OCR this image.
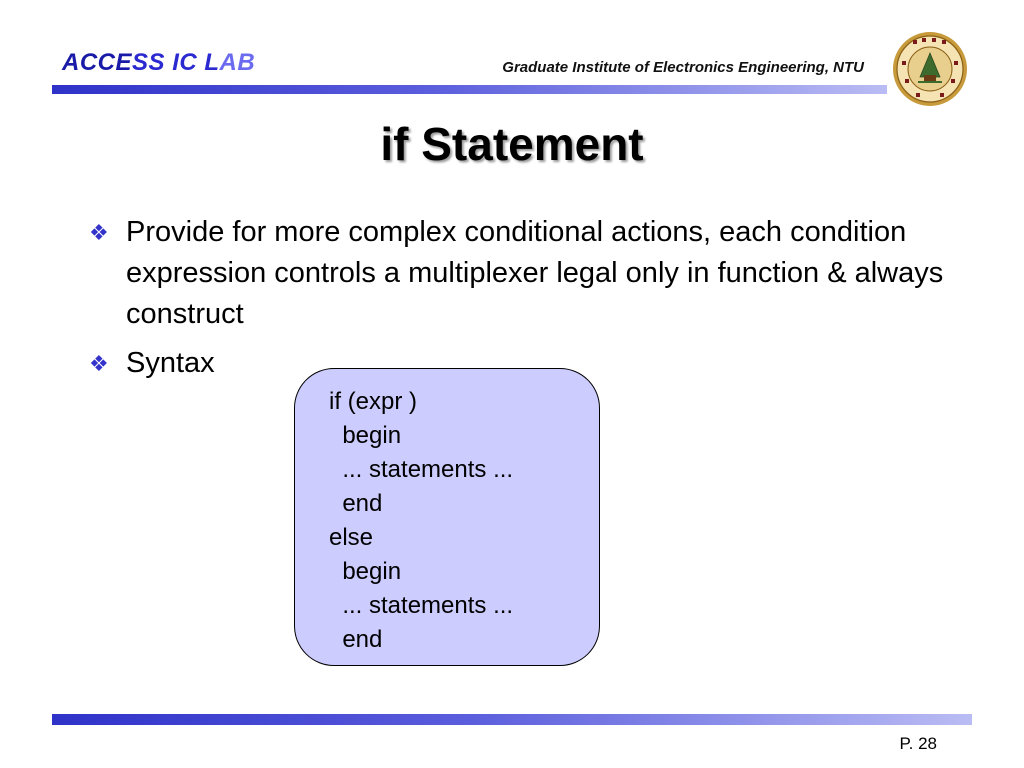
ACCESS IC LAB	Graduate Institute of Electronics Engineering, NTU
if Statement
❖ Provide for more complex conditional actions, each condition expression controls a multiplexer legal only in function & always construct
❖ Syntax
if (expr )
begin
... statements ...
end
else
begin
... statements ...
end
P. 28
